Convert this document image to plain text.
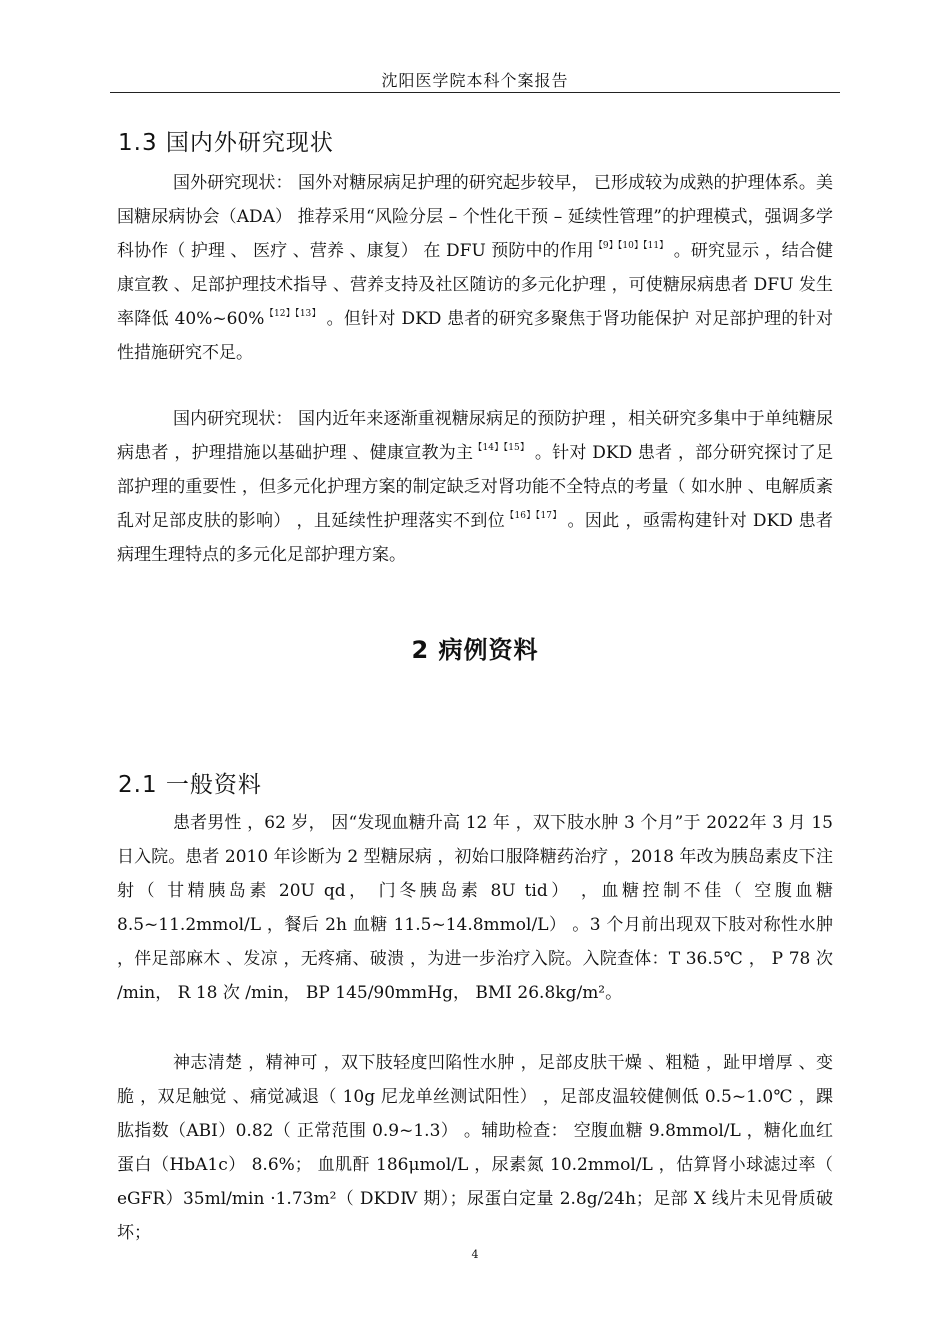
沈阳医学院本科个案报告
1.3 国内外研究现状

国外研究现状： 国外对糖尿病足护理的研究起步较早， 已形成较为成熟的护理体系。美国糖尿病协会（ADA） 推荐采用“风险分层 – 个性化干预 – 延续性管理”的护理模式，强调多学科协作（ 护理 、 医疗 、营养 、康复） 在 DFU 预防中的作用$^{【9】【10】【11】}$ 。研究显示 ，结合健康宣教 、足部护理技术指导 、营养支持及社区随访的多元化护理 ，可使糖尿病患者 DFU 发生率降低 40%~60%$^{【12】【13】}$ 。但针对 DKD 患者的研究多聚焦于肾功能保护 对足部护理的针对性措施研究不足。

国内研究现状： 国内近年来逐渐重视糖尿病足的预防护理 ，相关研究多集中于单纯糖尿病患者 ，护理措施以基础护理 、健康宣教为主$^{【14】【15】}$ 。针对 DKD 患者 ，部分研究探讨了足部护理的重要性 ，但多元化护理方案的制定缺乏对肾功能不全特点的考量（ 如水肿 、电解质紊乱对足部皮肤的影响） ，且延续性护理落实不到位$^{【16】【17】}$ 。因此 ，亟需构建针对 DKD 患者病理生理特点的多元化足部护理方案。

2 病例资料
2.1 一般资料

患者男性 ，62 岁， 因“发现血糖升高 12 年 ，双下肢水肿 3 个月”于 2022年 3 月 15 日入院。患者 2010 年诊断为 2 型糖尿病 ，初始口服降糖药治疗 ，2018 年改为胰岛素皮下注射（ 甘精胰岛素 20U qd， 门冬胰岛素 8U tid） ，血糖控制不佳（ 空腹血糖 8.5~11.2mmol/L ，餐后 2h 血糖 11.5~14.8mmol/L） 。3 个月前出现双下肢对称性水肿 ，伴足部麻木 、发凉 ，无疼痛、破溃 ，为进一步治疗入院。入院查体：T 36.5℃ ， P 78 次 /min， R 18 次 /min， BP 145/90mmHg， BMI 26.8kg/m²。

神志清楚 ，精神可 ，双下肢轻度凹陷性水肿 ，足部皮肤干燥 、粗糙 ，趾甲增厚 、变脆 ，双足触觉 、痛觉减退（ 10g 尼龙单丝测试阳性） ，足部皮温较健侧低 0.5~1.0℃ ，踝肱指数（ABI）0.82（ 正常范围 0.9~1.3） 。辅助检查： 空腹血糖 9.8mmol/L ，糖化血红蛋白（HbA1c） 8.6%； 血肌酐 186μmol/L ，尿素氮 10.2mmol/L ，估算肾小球滤过率（ eGFR）35ml/min ·1.73m²（ DKDⅣ 期）；尿蛋白定量 2.8g/24h；足部 X 线片未见骨质破坏；

4
